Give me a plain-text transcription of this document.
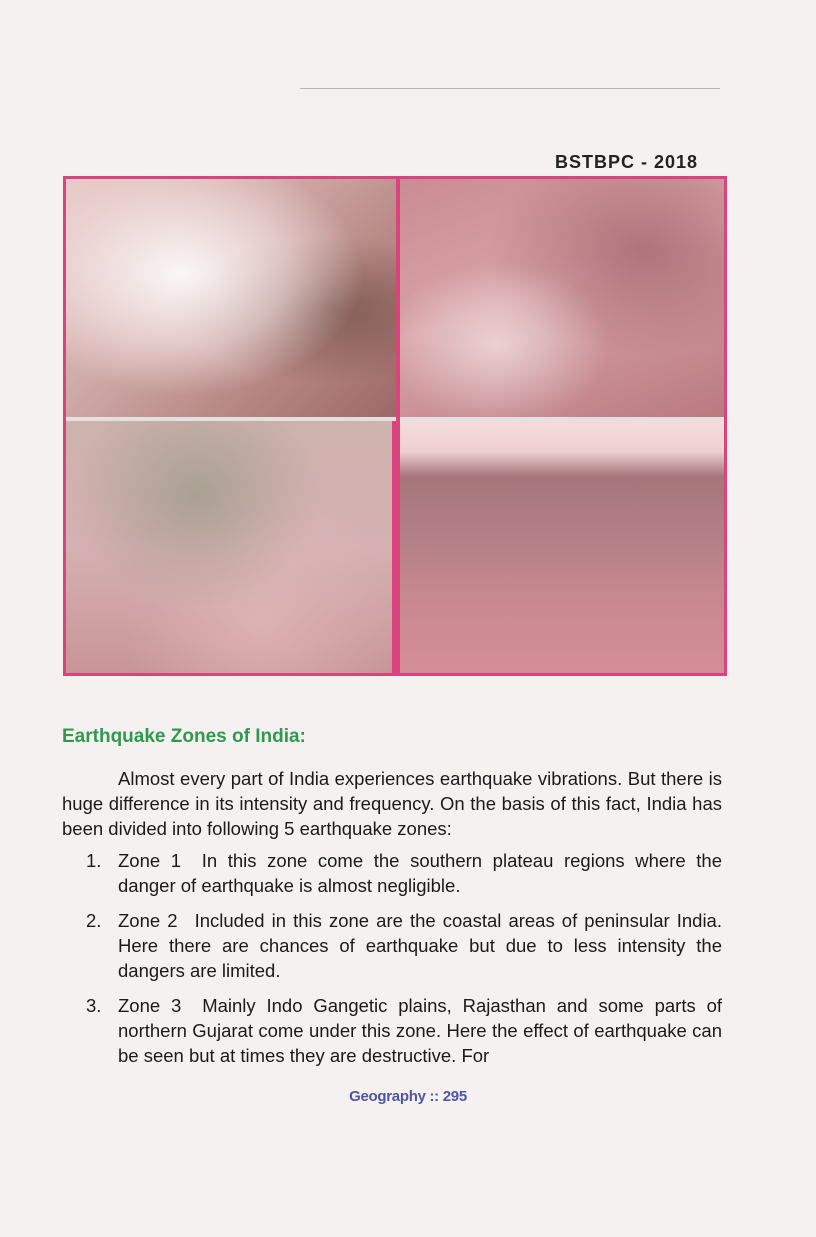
BSTBPC - 2018
Earthquake Zones of India:

Almost every part of India experiences earthquake vibrations. But there is huge difference in its intensity and frequency. On the basis of this fact, India has been divided into following 5 earthquake zones:

1. Zone 1 In this zone come the southern plateau regions where the danger of earthquake is almost negligible.
2. Zone 2 Included in this zone are the coastal areas of peninsular India. Here there are chances of earthquake but due to less intensity the dangers are limited.
3. Zone 3 Mainly Indo Gangetic plains, Rajasthan and some parts of northern Gujarat come under this zone. Here the effect of earthquake can be seen but at times they are destructive. For
Geography :: 295
